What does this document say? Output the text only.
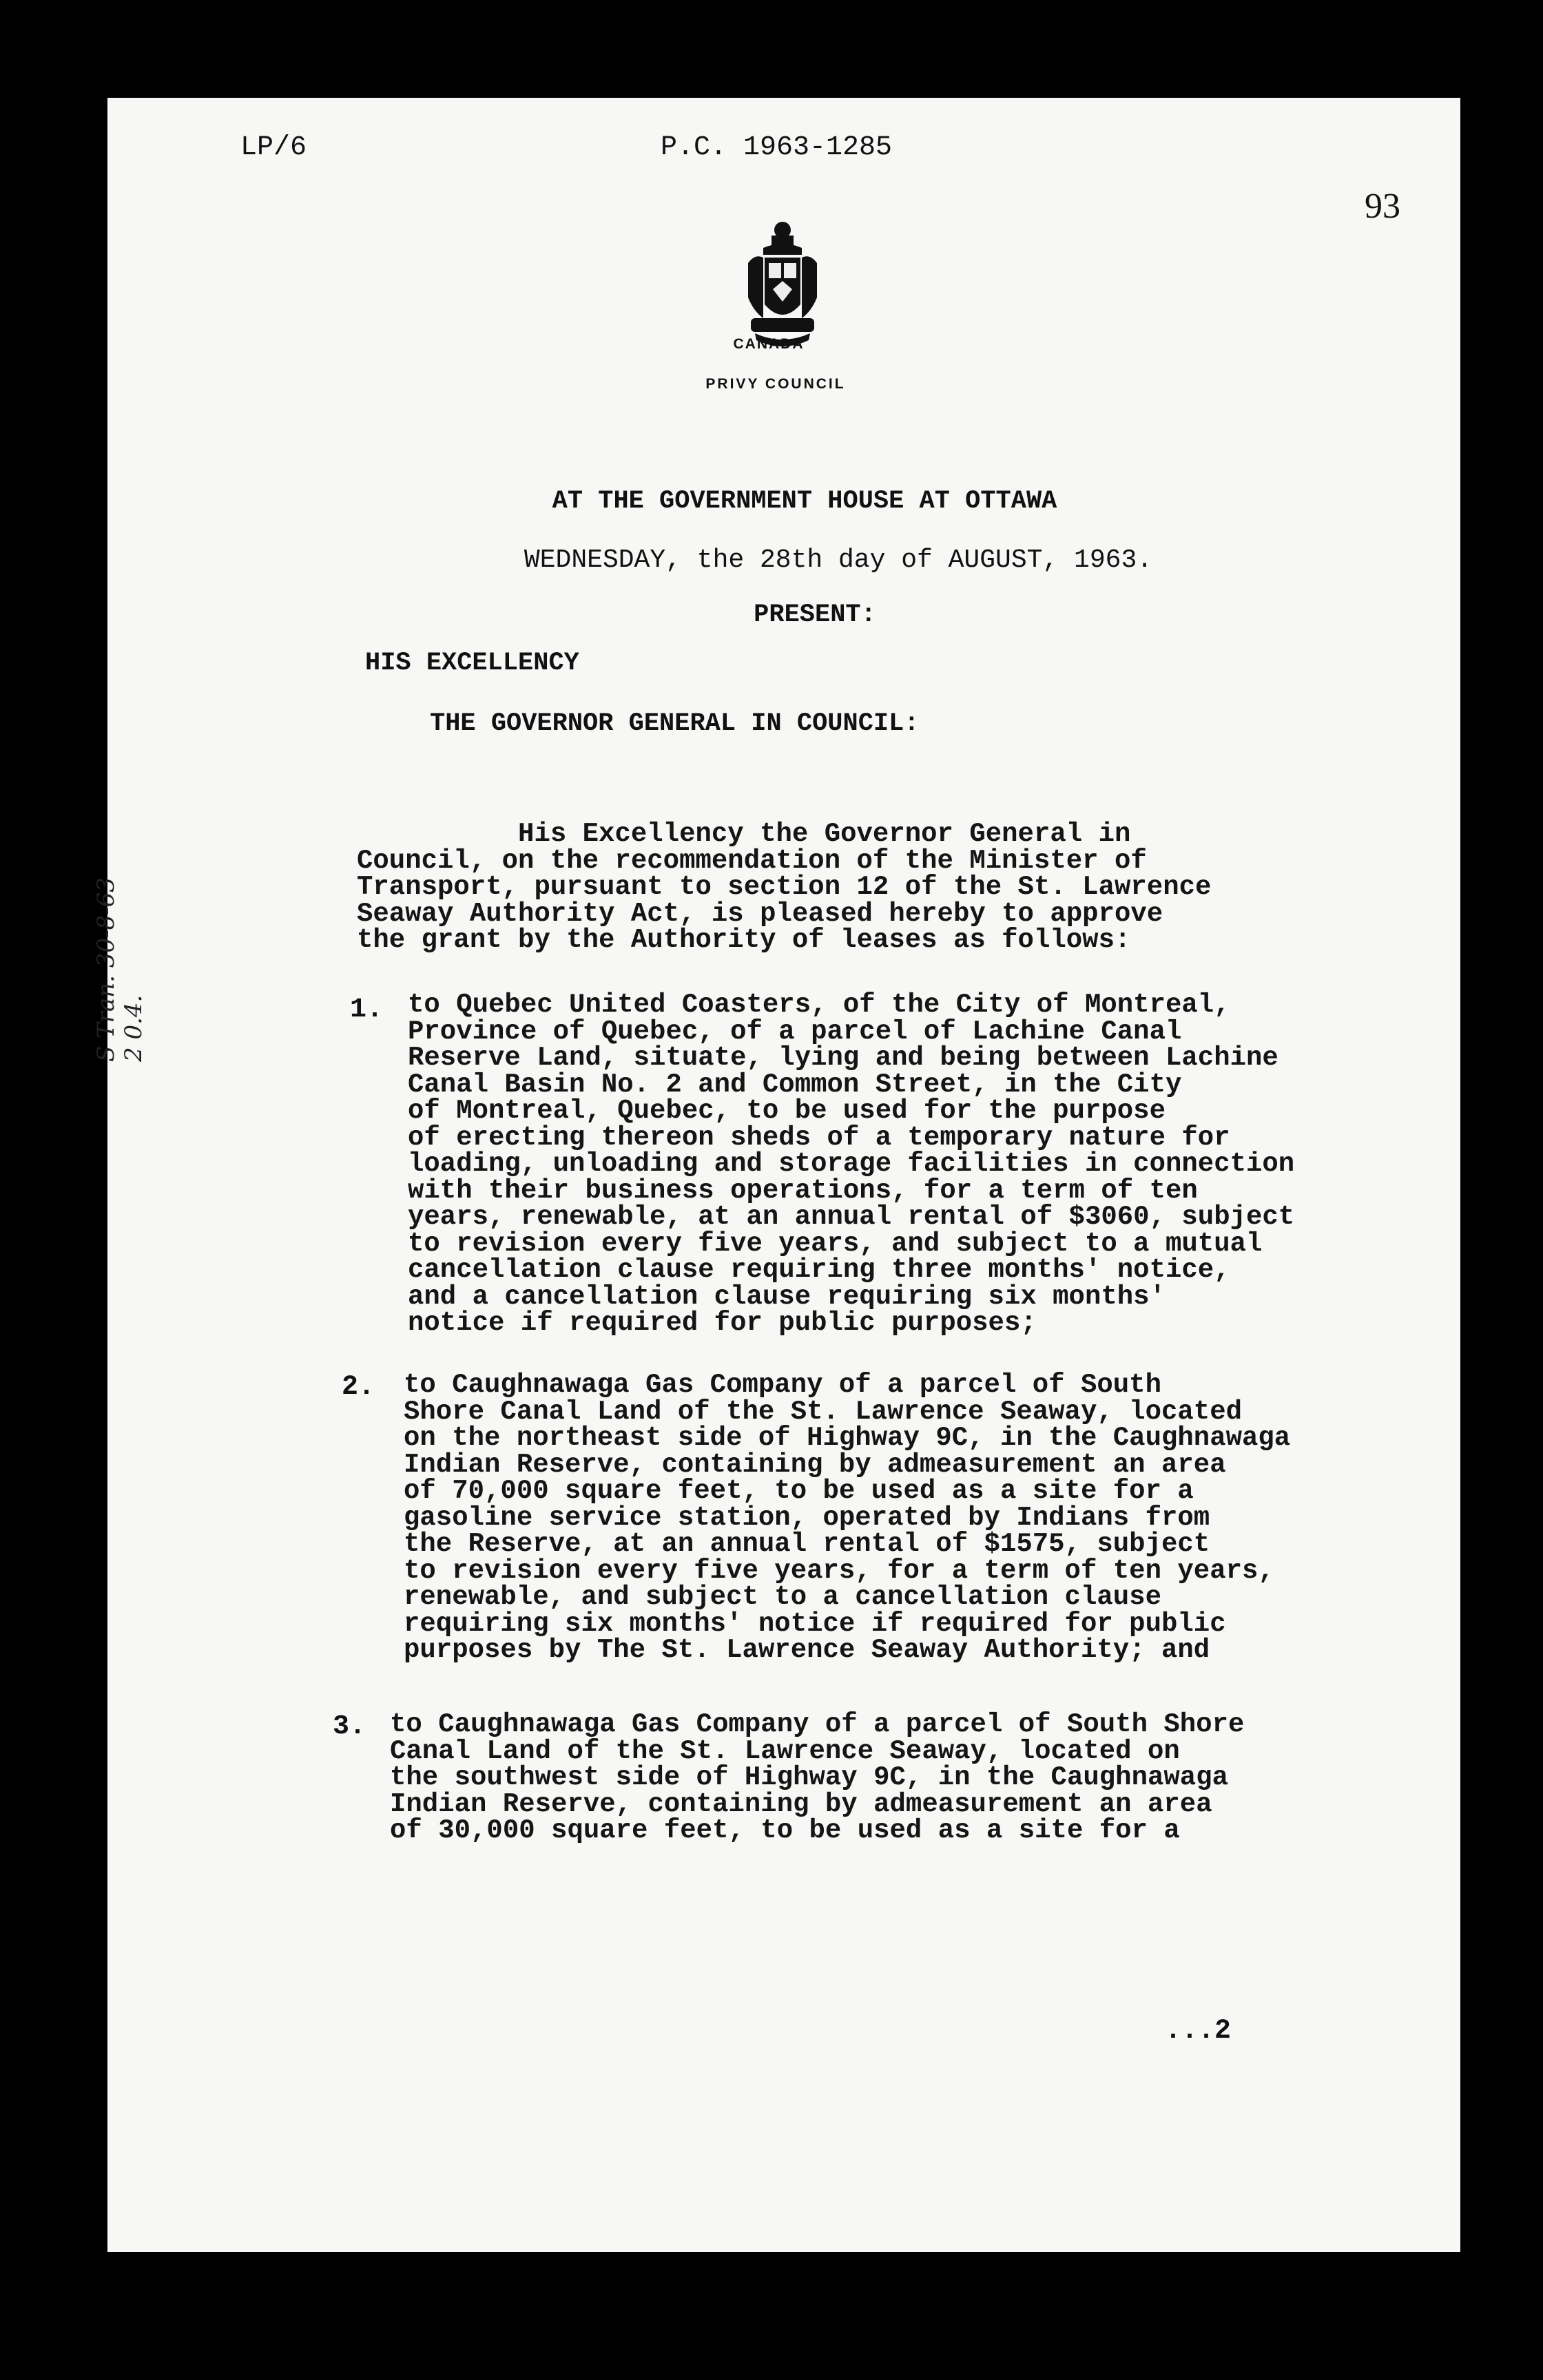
LP/6	P.C. 1963-1285
93
CANADA
PRIVY COUNCIL
AT THE GOVERNMENT HOUSE AT OTTAWA
WEDNESDAY, the 28th day of AUGUST, 1963.
PRESENT:
HIS EXCELLENCY
THE GOVERNOR GENERAL IN COUNCIL:
His Excellency the Governor General in
Council, on the recommendation of the Minister of
Transport, pursuant to section 12 of the St. Lawrence
Seaway Authority Act, is pleased hereby to approve
the grant by the Authority of leases as follows:
1. to Quebec United Coasters, of the City of Montreal,
Province of Quebec, of a parcel of Lachine Canal
Reserve Land, situate, lying and being between Lachine
Canal Basin No. 2 and Common Street, in the City
of Montreal, Quebec, to be used for the purpose
of erecting thereon sheds of a temporary nature for
loading, unloading and storage facilities in connection
with their business operations, for a term of ten
years, renewable, at an annual rental of $3060, subject
to revision every five years, and subject to a mutual
cancellation clause requiring three months' notice,
and a cancellation clause requiring six months'
notice if required for public purposes;
2. to Caughnawaga Gas Company of a parcel of South
Shore Canal Land of the St. Lawrence Seaway, located
on the northeast side of Highway 9C, in the Caughnawaga
Indian Reserve, containing by admeasurement an area
of 70,000 square feet, to be used as a site for a
gasoline service station, operated by Indians from
the Reserve, at an annual rental of $1575, subject
to revision every five years, for a term of ten years,
renewable, and subject to a cancellation clause
requiring six months' notice if required for public
purposes by The St. Lawrence Seaway Authority; and
3. to Caughnawaga Gas Company of a parcel of South Shore
Canal Land of the St. Lawrence Seaway, located on
the southwest side of Highway 9C, in the Caughnawaga
Indian Reserve, containing by admeasurement an area
of 30,000 square feet, to be used as a site for a
...2
S Tran. 30-8-63
2 0.4.
